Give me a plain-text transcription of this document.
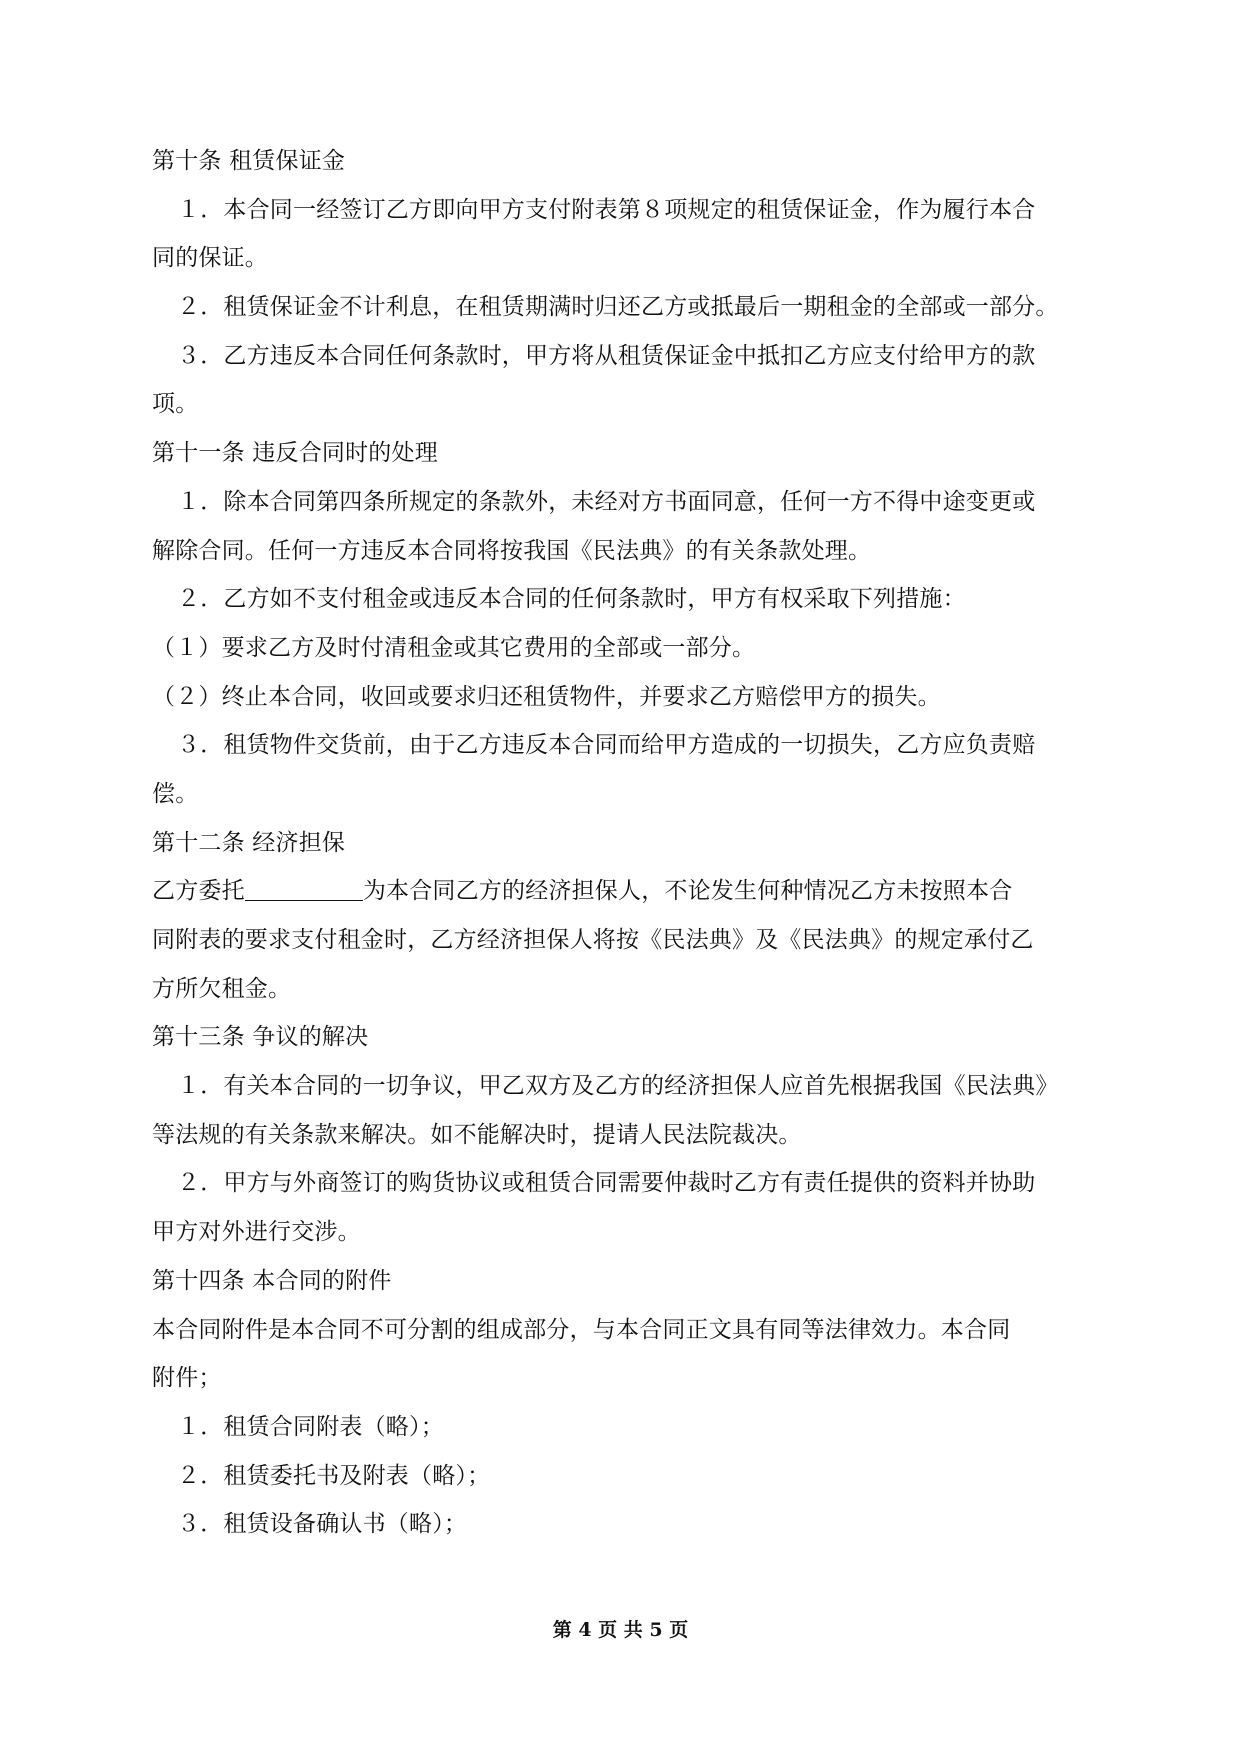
第十条 租赁保证金
１．本合同一经签订乙方即向甲方支付附表第８项规定的租赁保证金，作为履行本合
同的保证。
２．租赁保证金不计利息，在租赁期满时归还乙方或抵最后一期租金的全部或一部分。
３．乙方违反本合同任何条款时，甲方将从租赁保证金中抵扣乙方应支付给甲方的款
项。
第十一条 违反合同时的处理
１．除本合同第四条所规定的条款外，未经对方书面同意，任何一方不得中途变更或
解除合同。任何一方违反本合同将按我国《民法典》的有关条款处理。
２．乙方如不支付租金或违反本合同的任何条款时，甲方有权采取下列措施：
（１）要求乙方及时付清租金或其它费用的全部或一部分。
（２）终止本合同，收回或要求归还租赁物件，并要求乙方赔偿甲方的损失。
３．租赁物件交货前，由于乙方违反本合同而给甲方造成的一切损失，乙方应负责赔
偿。
第十二条 经济担保
乙方委托	为本合同乙方的经济担保人，不论发生何种情况乙方未按照本合
同附表的要求支付租金时，乙方经济担保人将按《民法典》及《民法典》的规定承付乙
方所欠租金。
第十三条 争议的解决
１．有关本合同的一切争议，甲乙双方及乙方的经济担保人应首先根据我国《民法典》
等法规的有关条款来解决。如不能解决时，提请人民法院裁决。
２．甲方与外商签订的购货协议或租赁合同需要仲裁时乙方有责任提供的资料并协助
甲方对外进行交涉。
第十四条 本合同的附件
本合同附件是本合同不可分割的组成部分，与本合同正文具有同等法律效力。本合同
附件；
１．租赁合同附表（略）；
２．租赁委托书及附表（略）；
３．租赁设备确认书（略）；
第 4 页 共 5 页
